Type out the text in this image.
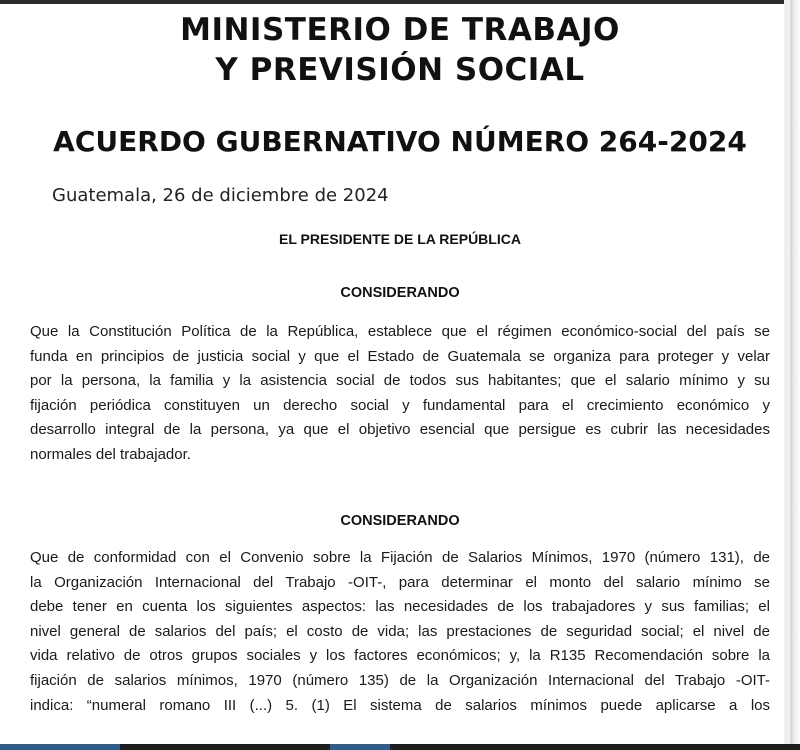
MINISTERIO DE TRABAJO
Y PREVISIÓN SOCIAL
ACUERDO GUBERNATIVO NÚMERO 264-2024
Guatemala, 26 de diciembre de 2024
EL PRESIDENTE DE LA REPÚBLICA
CONSIDERANDO
Que la Constitución Política de la República, establece que el régimen económico-social del país se
funda en principios de justicia social y que el Estado de Guatemala se organiza para proteger y velar
por la persona, la familia y la asistencia social de todos sus habitantes; que el salario mínimo y su
fijación periódica constituyen un derecho social y fundamental para el crecimiento económico y
desarrollo integral de la persona, ya que el objetivo esencial que persigue es cubrir las necesidades
normales del trabajador.
CONSIDERANDO
Que de conformidad con el Convenio sobre la Fijación de Salarios Mínimos, 1970 (número 131), de
la Organización Internacional del Trabajo -OIT-, para determinar el monto del salario mínimo se
debe tener en cuenta los siguientes aspectos: las necesidades de los trabajadores y sus familias; el
nivel general de salarios del país; el costo de vida; las prestaciones de seguridad social; el nivel de
vida relativo de otros grupos sociales y los factores económicos; y, la R135 Recomendación sobre la
fijación de salarios mínimos, 1970 (número 135) de la Organización Internacional del Trabajo -OIT-
indica: “numeral romano III (...) 5. (1) El sistema de salarios mínimos puede aplicarse a los
